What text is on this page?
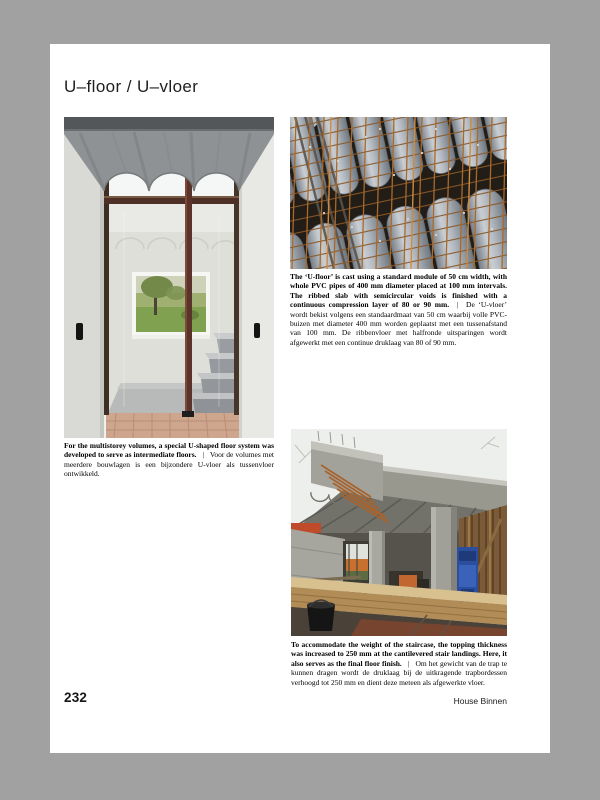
U–floor / U–vloer

For the multistorey volumes, a special U-shaped floor system was developed to serve as intermediate floors. | Voor de volumes met meerdere bouwlagen is een bijzondere U-vloer als tussenvloer ontwikkeld.

The ‘U-floor’ is cast using a standard module of 50 cm width, with whole PVC pipes of 400 mm diameter placed at 100 mm intervals. The ribbed slab with semicircular voids is finished with a continuous compression layer of 80 or 90 mm. | De ‘U-vloer’ wordt bekist volgens een standaardmaat van 50 cm waarbij volle PVC-buizen met diameter 400 mm worden geplaatst met een tussenafstand van 100 mm. De ribbenvloer met halfronde uitsparingen wordt afgewerkt met een continue druklaag van 80 of 90 mm.

To accommodate the weight of the staircase, the topping thickness was increased to 250 mm at the cantilevered stair landings. Here, it also serves as the final floor finish. | Om het gewicht van de trap te kunnen dragen wordt de druklaag bij de uitkragende trapbordessen verhoogd tot 250 mm en dient deze meteen als afgewerkte vloer.

232	House Binnen
